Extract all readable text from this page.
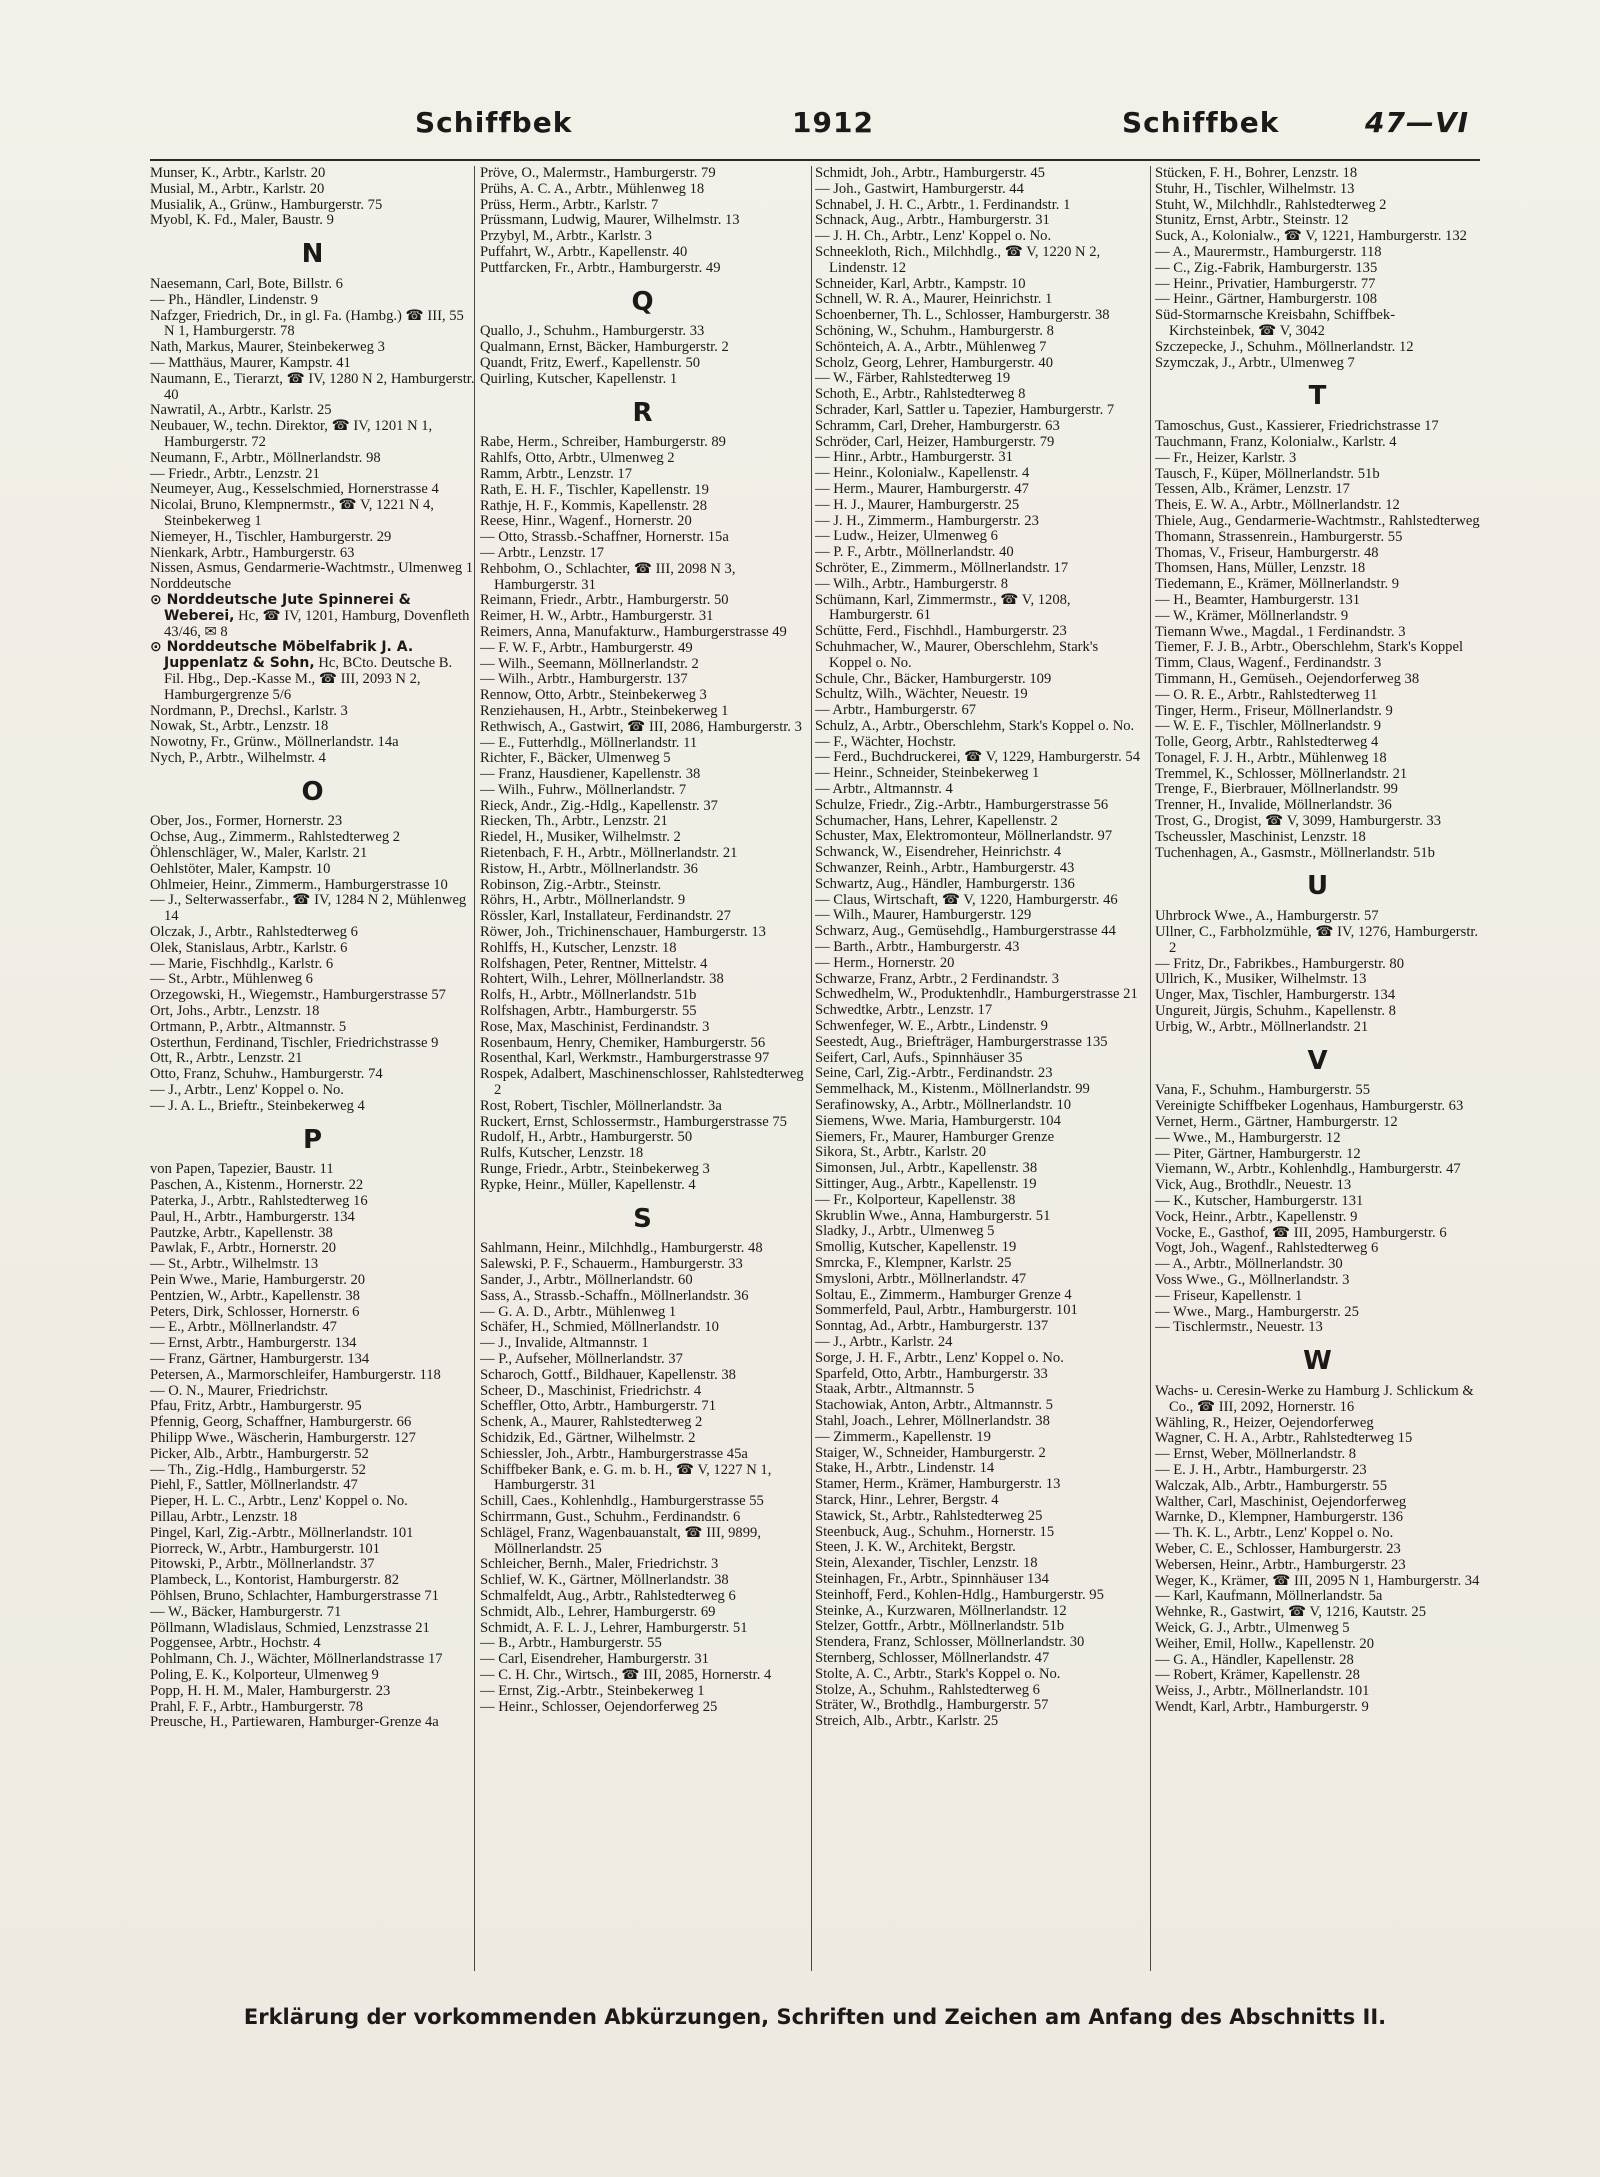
Schiffbek	1912	Schiffbek	47—VI

Munser, K., Arbtr., Karlstr. 20

Musial, M., Arbtr., Karlstr. 20

Musialik, A., Grünw., Hamburgerstr. 75

Myobl, K. Fd., Maler, Baustr. 9

N

Naesemann, Carl, Bote, Billstr. 6

— Ph., Händler, Lindenstr. 9

Nafzger, Friedrich, Dr., in gl. Fa. (Hambg.) ☎ III, 55 N 1, Hamburgerstr. 78

Nath, Markus, Maurer, Steinbekerweg 3

— Matthäus, Maurer, Kampstr. 41

Naumann, E., Tierarzt, ☎ IV, 1280 N 2, Hamburgerstr. 40

Nawratil, A., Arbtr., Karlstr. 25

Neubauer, W., techn. Direktor, ☎ IV, 1201 N 1, Hamburgerstr. 72

Neumann, F., Arbtr., Möllnerlandstr. 98

— Friedr., Arbtr., Lenzstr. 21

Neumeyer, Aug., Kesselschmied, Hornerstrasse 4

Nicolai, Bruno, Klempnermstr., ☎ V, 1221 N 4, Steinbekerweg 1

Niemeyer, H., Tischler, Hamburgerstr. 29

Nienkark, Arbtr., Hamburgerstr. 63

Nissen, Asmus, Gendarmerie-Wachtmstr., Ulmenweg 1

Norddeutsche

⊙ Norddeutsche Jute Spinnerei & Weberei, Hc, ☎ IV, 1201, Hamburg, Dovenfleth 43/46, ✉ 8

⊙ Norddeutsche Möbelfabrik J. A. Juppenlatz & Sohn, Hc, BCto. Deutsche B. Fil. Hbg., Dep.-Kasse M., ☎ III, 2093 N 2, Hamburgergrenze 5/6

Nordmann, P., Drechsl., Karlstr. 3

Nowak, St., Arbtr., Lenzstr. 18

Nowotny, Fr., Grünw., Möllnerlandstr. 14a

Nych, P., Arbtr., Wilhelmstr. 4

O

Ober, Jos., Former, Hornerstr. 23

Ochse, Aug., Zimmerm., Rahlstedterweg 2

Öhlenschläger, W., Maler, Karlstr. 21

Oehlstöter, Maler, Kampstr. 10

Ohlmeier, Heinr., Zimmerm., Hamburgerstrasse 10

— J., Selterwasserfabr., ☎ IV, 1284 N 2, Mühlenweg 14

Olczak, J., Arbtr., Rahlstedterweg 6

Olek, Stanislaus, Arbtr., Karlstr. 6

— Marie, Fischhdlg., Karlstr. 6

— St., Arbtr., Mühlenweg 6

Orzegowski, H., Wiegemstr., Hamburgerstrasse 57

Ort, Johs., Arbtr., Lenzstr. 18

Ortmann, P., Arbtr., Altmannstr. 5

Osterthun, Ferdinand, Tischler, Friedrichstrasse 9

Ott, R., Arbtr., Lenzstr. 21

Otto, Franz, Schuhw., Hamburgerstr. 74

— J., Arbtr., Lenz' Koppel o. No.

— J. A. L., Brieftr., Steinbekerweg 4

P

von Papen, Tapezier, Baustr. 11

Paschen, A., Kistenm., Hornerstr. 22

Paterka, J., Arbtr., Rahlstedterweg 16

Paul, H., Arbtr., Hamburgerstr. 134

Pautzke, Arbtr., Kapellenstr. 38

Pawlak, F., Arbtr., Hornerstr. 20

— St., Arbtr., Wilhelmstr. 13

Pein Wwe., Marie, Hamburgerstr. 20

Pentzien, W., Arbtr., Kapellenstr. 38

Peters, Dirk, Schlosser, Hornerstr. 6

— E., Arbtr., Möllnerlandstr. 47

— Ernst, Arbtr., Hamburgerstr. 134

— Franz, Gärtner, Hamburgerstr. 134

Petersen, A., Marmorschleifer, Hamburgerstr. 118

— O. N., Maurer, Friedrichstr.

Pfau, Fritz, Arbtr., Hamburgerstr. 95

Pfennig, Georg, Schaffner, Hamburgerstr. 66

Philipp Wwe., Wäscherin, Hamburgerstr. 127

Picker, Alb., Arbtr., Hamburgerstr. 52

— Th., Zig.-Hdlg., Hamburgerstr. 52

Piehl, F., Sattler, Möllnerlandstr. 47

Pieper, H. L. C., Arbtr., Lenz' Koppel o. No.

Pillau, Arbtr., Lenzstr. 18

Pingel, Karl, Zig.-Arbtr., Möllnerlandstr. 101

Piorreck, W., Arbtr., Hamburgerstr. 101

Pitowski, P., Arbtr., Möllnerlandstr. 37

Plambeck, L., Kontorist, Hamburgerstr. 82

Pöhlsen, Bruno, Schlachter, Hamburgerstrasse 71

— W., Bäcker, Hamburgerstr. 71

Pöllmann, Wladislaus, Schmied, Lenzstrasse 21

Poggensee, Arbtr., Hochstr. 4

Pohlmann, Ch. J., Wächter, Möllnerlandstrasse 17

Poling, E. K., Kolporteur, Ulmenweg 9

Popp, H. H. M., Maler, Hamburgerstr. 23

Prahl, F. F., Arbtr., Hamburgerstr. 78

Preusche, H., Partiewaren, Hamburger-Grenze 4a

Pröve, O., Malermstr., Hamburgerstr. 79

Prühs, A. C. A., Arbtr., Mühlenweg 18

Prüss, Herm., Arbtr., Karlstr. 7

Prüssmann, Ludwig, Maurer, Wilhelmstr. 13

Przybyl, M., Arbtr., Karlstr. 3

Puffahrt, W., Arbtr., Kapellenstr. 40

Puttfarcken, Fr., Arbtr., Hamburgerstr. 49

Q

Quallo, J., Schuhm., Hamburgerstr. 33

Qualmann, Ernst, Bäcker, Hamburgerstr. 2

Quandt, Fritz, Ewerf., Kapellenstr. 50

Quirling, Kutscher, Kapellenstr. 1

R

Rabe, Herm., Schreiber, Hamburgerstr. 89

Rahlfs, Otto, Arbtr., Ulmenweg 2

Ramm, Arbtr., Lenzstr. 17

Rath, E. H. F., Tischler, Kapellenstr. 19

Rathje, H. F., Kommis, Kapellenstr. 28

Reese, Hinr., Wagenf., Hornerstr. 20

— Otto, Strassb.-Schaffner, Hornerstr. 15a

— Arbtr., Lenzstr. 17

Rehbohm, O., Schlachter, ☎ III, 2098 N 3, Hamburgerstr. 31

Reimann, Friedr., Arbtr., Hamburgerstr. 50

Reimer, H. W., Arbtr., Hamburgerstr. 31

Reimers, Anna, Manufakturw., Hamburgerstrasse 49

— F. W. F., Arbtr., Hamburgerstr. 49

— Wilh., Seemann, Möllnerlandstr. 2

— Wilh., Arbtr., Hamburgerstr. 137

Rennow, Otto, Arbtr., Steinbekerweg 3

Renziehausen, H., Arbtr., Steinbekerweg 1

Rethwisch, A., Gastwirt, ☎ III, 2086, Hamburgerstr. 3

— E., Futterhdlg., Möllnerlandstr. 11

Richter, F., Bäcker, Ulmenweg 5

— Franz, Hausdiener, Kapellenstr. 38

— Wilh., Fuhrw., Möllnerlandstr. 7

Rieck, Andr., Zig.-Hdlg., Kapellenstr. 37

Riecken, Th., Arbtr., Lenzstr. 21

Riedel, H., Musiker, Wilhelmstr. 2

Rietenbach, F. H., Arbtr., Möllnerlandstr. 21

Ristow, H., Arbtr., Möllnerlandstr. 36

Robinson, Zig.-Arbtr., Steinstr.

Röhrs, H., Arbtr., Möllnerlandstr. 9

Rössler, Karl, Installateur, Ferdinandstr. 27

Röwer, Joh., Trichinenschauer, Hamburgerstr. 13

Rohlffs, H., Kutscher, Lenzstr. 18

Rolfshagen, Peter, Rentner, Mittelstr. 4

Rohtert, Wilh., Lehrer, Möllnerlandstr. 38

Rolfs, H., Arbtr., Möllnerlandstr. 51b

Rolfshagen, Arbtr., Hamburgerstr. 55

Rose, Max, Maschinist, Ferdinandstr. 3

Rosenbaum, Henry, Chemiker, Hamburgerstr. 56

Rosenthal, Karl, Werkmstr., Hamburgerstrasse 97

Rospek, Adalbert, Maschinenschlosser, Rahlstedterweg 2

Rost, Robert, Tischler, Möllnerlandstr. 3a

Ruckert, Ernst, Schlossermstr., Hamburgerstrasse 75

Rudolf, H., Arbtr., Hamburgerstr. 50

Rulfs, Kutscher, Lenzstr. 18

Runge, Friedr., Arbtr., Steinbekerweg 3

Rypke, Heinr., Müller, Kapellenstr. 4

S

Sahlmann, Heinr., Milchhdlg., Hamburgerstr. 48

Salewski, P. F., Schauerm., Hamburgerstr. 33

Sander, J., Arbtr., Möllnerlandstr. 60

Sass, A., Strassb.-Schaffn., Möllnerlandstr. 36

— G. A. D., Arbtr., Mühlenweg 1

Schäfer, H., Schmied, Möllnerlandstr. 10

— J., Invalide, Altmannstr. 1

— P., Aufseher, Möllnerlandstr. 37

Scharoch, Gottf., Bildhauer, Kapellenstr. 38

Scheer, D., Maschinist, Friedrichstr. 4

Scheffler, Otto, Arbtr., Hamburgerstr. 71

Schenk, A., Maurer, Rahlstedterweg 2

Schidzik, Ed., Gärtner, Wilhelmstr. 2

Schiessler, Joh., Arbtr., Hamburgerstrasse 45a

Schiffbeker Bank, e. G. m. b. H., ☎ V, 1227 N 1, Hamburgerstr. 31

Schill, Caes., Kohlenhdlg., Hamburgerstrasse 55

Schirrmann, Gust., Schuhm., Ferdinandstr. 6

Schlägel, Franz, Wagenbauanstalt, ☎ III, 9899, Möllnerlandstr. 25

Schleicher, Bernh., Maler, Friedrichstr. 3

Schlief, W. K., Gärtner, Möllnerlandstr. 38

Schmalfeldt, Aug., Arbtr., Rahlstedterweg 6

Schmidt, Alb., Lehrer, Hamburgerstr. 69

Schmidt, A. F. L. J., Lehrer, Hamburgerstr. 51

— B., Arbtr., Hamburgerstr. 55

— Carl, Eisendreher, Hamburgerstr. 31

— C. H. Chr., Wirtsch., ☎ III, 2085, Hornerstr. 4

— Ernst, Zig.-Arbtr., Steinbekerweg 1

— Heinr., Schlosser, Oejendorferweg 25

Schmidt, Joh., Arbtr., Hamburgerstr. 45

— Joh., Gastwirt, Hamburgerstr. 44

Schnabel, J. H. C., Arbtr., 1. Ferdinandstr. 1

Schnack, Aug., Arbtr., Hamburgerstr. 31

— J. H. Ch., Arbtr., Lenz' Koppel o. No.

Schneekloth, Rich., Milchhdlg., ☎ V, 1220 N 2, Lindenstr. 12

Schneider, Karl, Arbtr., Kampstr. 10

Schnell, W. R. A., Maurer, Heinrichstr. 1

Schoenberner, Th. L., Schlosser, Hamburgerstr. 38

Schöning, W., Schuhm., Hamburgerstr. 8

Schönteich, A. A., Arbtr., Mühlenweg 7

Scholz, Georg, Lehrer, Hamburgerstr. 40

— W., Färber, Rahlstedterweg 19

Schoth, E., Arbtr., Rahlstedterweg 8

Schrader, Karl, Sattler u. Tapezier, Hamburgerstr. 7

Schramm, Carl, Dreher, Hamburgerstr. 63

Schröder, Carl, Heizer, Hamburgerstr. 79

— Hinr., Arbtr., Hamburgerstr. 31

— Heinr., Kolonialw., Kapellenstr. 4

— Herm., Maurer, Hamburgerstr. 47

— H. J., Maurer, Hamburgerstr. 25

— J. H., Zimmerm., Hamburgerstr. 23

— Ludw., Heizer, Ulmenweg 6

— P. F., Arbtr., Möllnerlandstr. 40

Schröter, E., Zimmerm., Möllnerlandstr. 17

— Wilh., Arbtr., Hamburgerstr. 8

Schümann, Karl, Zimmermstr., ☎ V, 1208, Hamburgerstr. 61

Schütte, Ferd., Fischhdl., Hamburgerstr. 23

Schuhmacher, W., Maurer, Oberschlehm, Stark's Koppel o. No.

Schule, Chr., Bäcker, Hamburgerstr. 109

Schultz, Wilh., Wächter, Neuestr. 19

— Arbtr., Hamburgerstr. 67

Schulz, A., Arbtr., Oberschlehm, Stark's Koppel o. No.

— F., Wächter, Hochstr.

— Ferd., Buchdruckerei, ☎ V, 1229, Hamburgerstr. 54

— Heinr., Schneider, Steinbekerweg 1

— Arbtr., Altmannstr. 4

Schulze, Friedr., Zig.-Arbtr., Hamburgerstrasse 56

Schumacher, Hans, Lehrer, Kapellenstr. 2

Schuster, Max, Elektromonteur, Möllnerlandstr. 97

Schwanck, W., Eisendreher, Heinrichstr. 4

Schwanzer, Reinh., Arbtr., Hamburgerstr. 43

Schwartz, Aug., Händler, Hamburgerstr. 136

— Claus, Wirtschaft, ☎ V, 1220, Hamburgerstr. 46

— Wilh., Maurer, Hamburgerstr. 129

Schwarz, Aug., Gemüsehdlg., Hamburgerstrasse 44

— Barth., Arbtr., Hamburgerstr. 43

— Herm., Hornerstr. 20

Schwarze, Franz, Arbtr., 2 Ferdinandstr. 3

Schwedhelm, W., Produktenhdlr., Hamburgerstrasse 21

Schwedtke, Arbtr., Lenzstr. 17

Schwenfeger, W. E., Arbtr., Lindenstr. 9

Seestedt, Aug., Briefträger, Hamburgerstrasse 135

Seifert, Carl, Aufs., Spinnhäuser 35

Seine, Carl, Zig.-Arbtr., Ferdinandstr. 23

Semmelhack, M., Kistenm., Möllnerlandstr. 99

Serafinowsky, A., Arbtr., Möllnerlandstr. 10

Siemens, Wwe. Maria, Hamburgerstr. 104

Siemers, Fr., Maurer, Hamburger Grenze

Sikora, St., Arbtr., Karlstr. 20

Simonsen, Jul., Arbtr., Kapellenstr. 38

Sittinger, Aug., Arbtr., Kapellenstr. 19

— Fr., Kolporteur, Kapellenstr. 38

Skrublin Wwe., Anna, Hamburgerstr. 51

Sladky, J., Arbtr., Ulmenweg 5

Smollig, Kutscher, Kapellenstr. 19

Smrcka, F., Klempner, Karlstr. 25

Smysloni, Arbtr., Möllnerlandstr. 47

Soltau, E., Zimmerm., Hamburger Grenze 4

Sommerfeld, Paul, Arbtr., Hamburgerstr. 101

Sonntag, Ad., Arbtr., Hamburgerstr. 137

— J., Arbtr., Karlstr. 24

Sorge, J. H. F., Arbtr., Lenz' Koppel o. No.

Sparfeld, Otto, Arbtr., Hamburgerstr. 33

Staak, Arbtr., Altmannstr. 5

Stachowiak, Anton, Arbtr., Altmannstr. 5

Stahl, Joach., Lehrer, Möllnerlandstr. 38

— Zimmerm., Kapellenstr. 19

Staiger, W., Schneider, Hamburgerstr. 2

Stake, H., Arbtr., Lindenstr. 14

Stamer, Herm., Krämer, Hamburgerstr. 13

Starck, Hinr., Lehrer, Bergstr. 4

Stawick, St., Arbtr., Rahlstedterweg 25

Steenbuck, Aug., Schuhm., Hornerstr. 15

Steen, J. K. W., Architekt, Bergstr.

Stein, Alexander, Tischler, Lenzstr. 18

Steinhagen, Fr., Arbtr., Spinnhäuser 134

Steinhoff, Ferd., Kohlen-Hdlg., Hamburgerstr. 95

Steinke, A., Kurzwaren, Möllnerlandstr. 12

Stelzer, Gottfr., Arbtr., Möllnerlandstr. 51b

Stendera, Franz, Schlosser, Möllnerlandstr. 30

Sternberg, Schlosser, Möllnerlandstr. 47

Stolte, A. C., Arbtr., Stark's Koppel o. No.

Stolze, A., Schuhm., Rahlstedterweg 6

Sträter, W., Brothdlg., Hamburgerstr. 57

Streich, Alb., Arbtr., Karlstr. 25

Stücken, F. H., Bohrer, Lenzstr. 18

Stuhr, H., Tischler, Wilhelmstr. 13

Stuht, W., Milchhdlr., Rahlstedterweg 2

Stunitz, Ernst, Arbtr., Steinstr. 12

Suck, A., Kolonialw., ☎ V, 1221, Hamburgerstr. 132

— A., Maurermstr., Hamburgerstr. 118

— C., Zig.-Fabrik, Hamburgerstr. 135

— Heinr., Privatier, Hamburgerstr. 77

— Heinr., Gärtner, Hamburgerstr. 108

Süd-Stormarnsche Kreisbahn, Schiffbek-Kirchsteinbek, ☎ V, 3042

Szczepecke, J., Schuhm., Möllnerlandstr. 12

Szymczak, J., Arbtr., Ulmenweg 7

T

Tamoschus, Gust., Kassierer, Friedrichstrasse 17

Tauchmann, Franz, Kolonialw., Karlstr. 4

— Fr., Heizer, Karlstr. 3

Tausch, F., Küper, Möllnerlandstr. 51b

Tessen, Alb., Krämer, Lenzstr. 17

Theis, E. W. A., Arbtr., Möllnerlandstr. 12

Thiele, Aug., Gendarmerie-Wachtmstr., Rahlstedterweg

Thomann, Strassenrein., Hamburgerstr. 55

Thomas, V., Friseur, Hamburgerstr. 48

Thomsen, Hans, Müller, Lenzstr. 18

Tiedemann, E., Krämer, Möllnerlandstr. 9

— H., Beamter, Hamburgerstr. 131

— W., Krämer, Möllnerlandstr. 9

Tiemann Wwe., Magdal., 1 Ferdinandstr. 3

Tiemer, F. J. B., Arbtr., Oberschlehm, Stark's Koppel

Timm, Claus, Wagenf., Ferdinandstr. 3

Timmann, H., Gemüseh., Oejendorferweg 38

— O. R. E., Arbtr., Rahlstedterweg 11

Tinger, Herm., Friseur, Möllnerlandstr. 9

— W. E. F., Tischler, Möllnerlandstr. 9

Tolle, Georg, Arbtr., Rahlstedterweg 4

Tonagel, F. J. H., Arbtr., Mühlenweg 18

Tremmel, K., Schlosser, Möllnerlandstr. 21

Trenge, F., Bierbrauer, Möllnerlandstr. 99

Trenner, H., Invalide, Möllnerlandstr. 36

Trost, G., Drogist, ☎ V, 3099, Hamburgerstr. 33

Tscheussler, Maschinist, Lenzstr. 18

Tuchenhagen, A., Gasmstr., Möllnerlandstr. 51b

U

Uhrbrock Wwe., A., Hamburgerstr. 57

Ullner, C., Farbholzmühle, ☎ IV, 1276, Hamburgerstr. 2

— Fritz, Dr., Fabrikbes., Hamburgerstr. 80

Ullrich, K., Musiker, Wilhelmstr. 13

Unger, Max, Tischler, Hamburgerstr. 134

Ungureit, Jürgis, Schuhm., Kapellenstr. 8

Urbig, W., Arbtr., Möllnerlandstr. 21

V

Vana, F., Schuhm., Hamburgerstr. 55

Vereinigte Schiffbeker Logenhaus, Hamburgerstr. 63

Vernet, Herm., Gärtner, Hamburgerstr. 12

— Wwe., M., Hamburgerstr. 12

— Piter, Gärtner, Hamburgerstr. 12

Viemann, W., Arbtr., Kohlenhdlg., Hamburgerstr. 47

Vick, Aug., Brothdlr., Neuestr. 13

— K., Kutscher, Hamburgerstr. 131

Vock, Heinr., Arbtr., Kapellenstr. 9

Vocke, E., Gasthof, ☎ III, 2095, Hamburgerstr. 6

Vogt, Joh., Wagenf., Rahlstedterweg 6

— A., Arbtr., Möllnerlandstr. 30

Voss Wwe., G., Möllnerlandstr. 3

— Friseur, Kapellenstr. 1

— Wwe., Marg., Hamburgerstr. 25

— Tischlermstr., Neuestr. 13

W

Wachs- u. Ceresin-Werke zu Hamburg J. Schlickum & Co., ☎ III, 2092, Hornerstr. 16

Wähling, R., Heizer, Oejendorferweg

Wagner, C. H. A., Arbtr., Rahlstedterweg 15

— Ernst, Weber, Möllnerlandstr. 8

— E. J. H., Arbtr., Hamburgerstr. 23

Walczak, Alb., Arbtr., Hamburgerstr. 55

Walther, Carl, Maschinist, Oejendorferweg

Warnke, D., Klempner, Hamburgerstr. 136

— Th. K. L., Arbtr., Lenz' Koppel o. No.

Weber, C. E., Schlosser, Hamburgerstr. 23

Webersen, Heinr., Arbtr., Hamburgerstr. 23

Weger, K., Krämer, ☎ III, 2095 N 1, Hamburgerstr. 34

— Karl, Kaufmann, Möllnerlandstr. 5a

Wehnke, R., Gastwirt, ☎ V, 1216, Kautstr. 25

Weick, G. J., Arbtr., Ulmenweg 5

Weiher, Emil, Hollw., Kapellenstr. 20

— G. A., Händler, Kapellenstr. 28

— Robert, Krämer, Kapellenstr. 28

Weiss, J., Arbtr., Möllnerlandstr. 101

Wendt, Karl, Arbtr., Hamburgerstr. 9

Erklärung der vorkommenden Abkürzungen, Schriften und Zeichen am Anfang des Abschnitts II.
